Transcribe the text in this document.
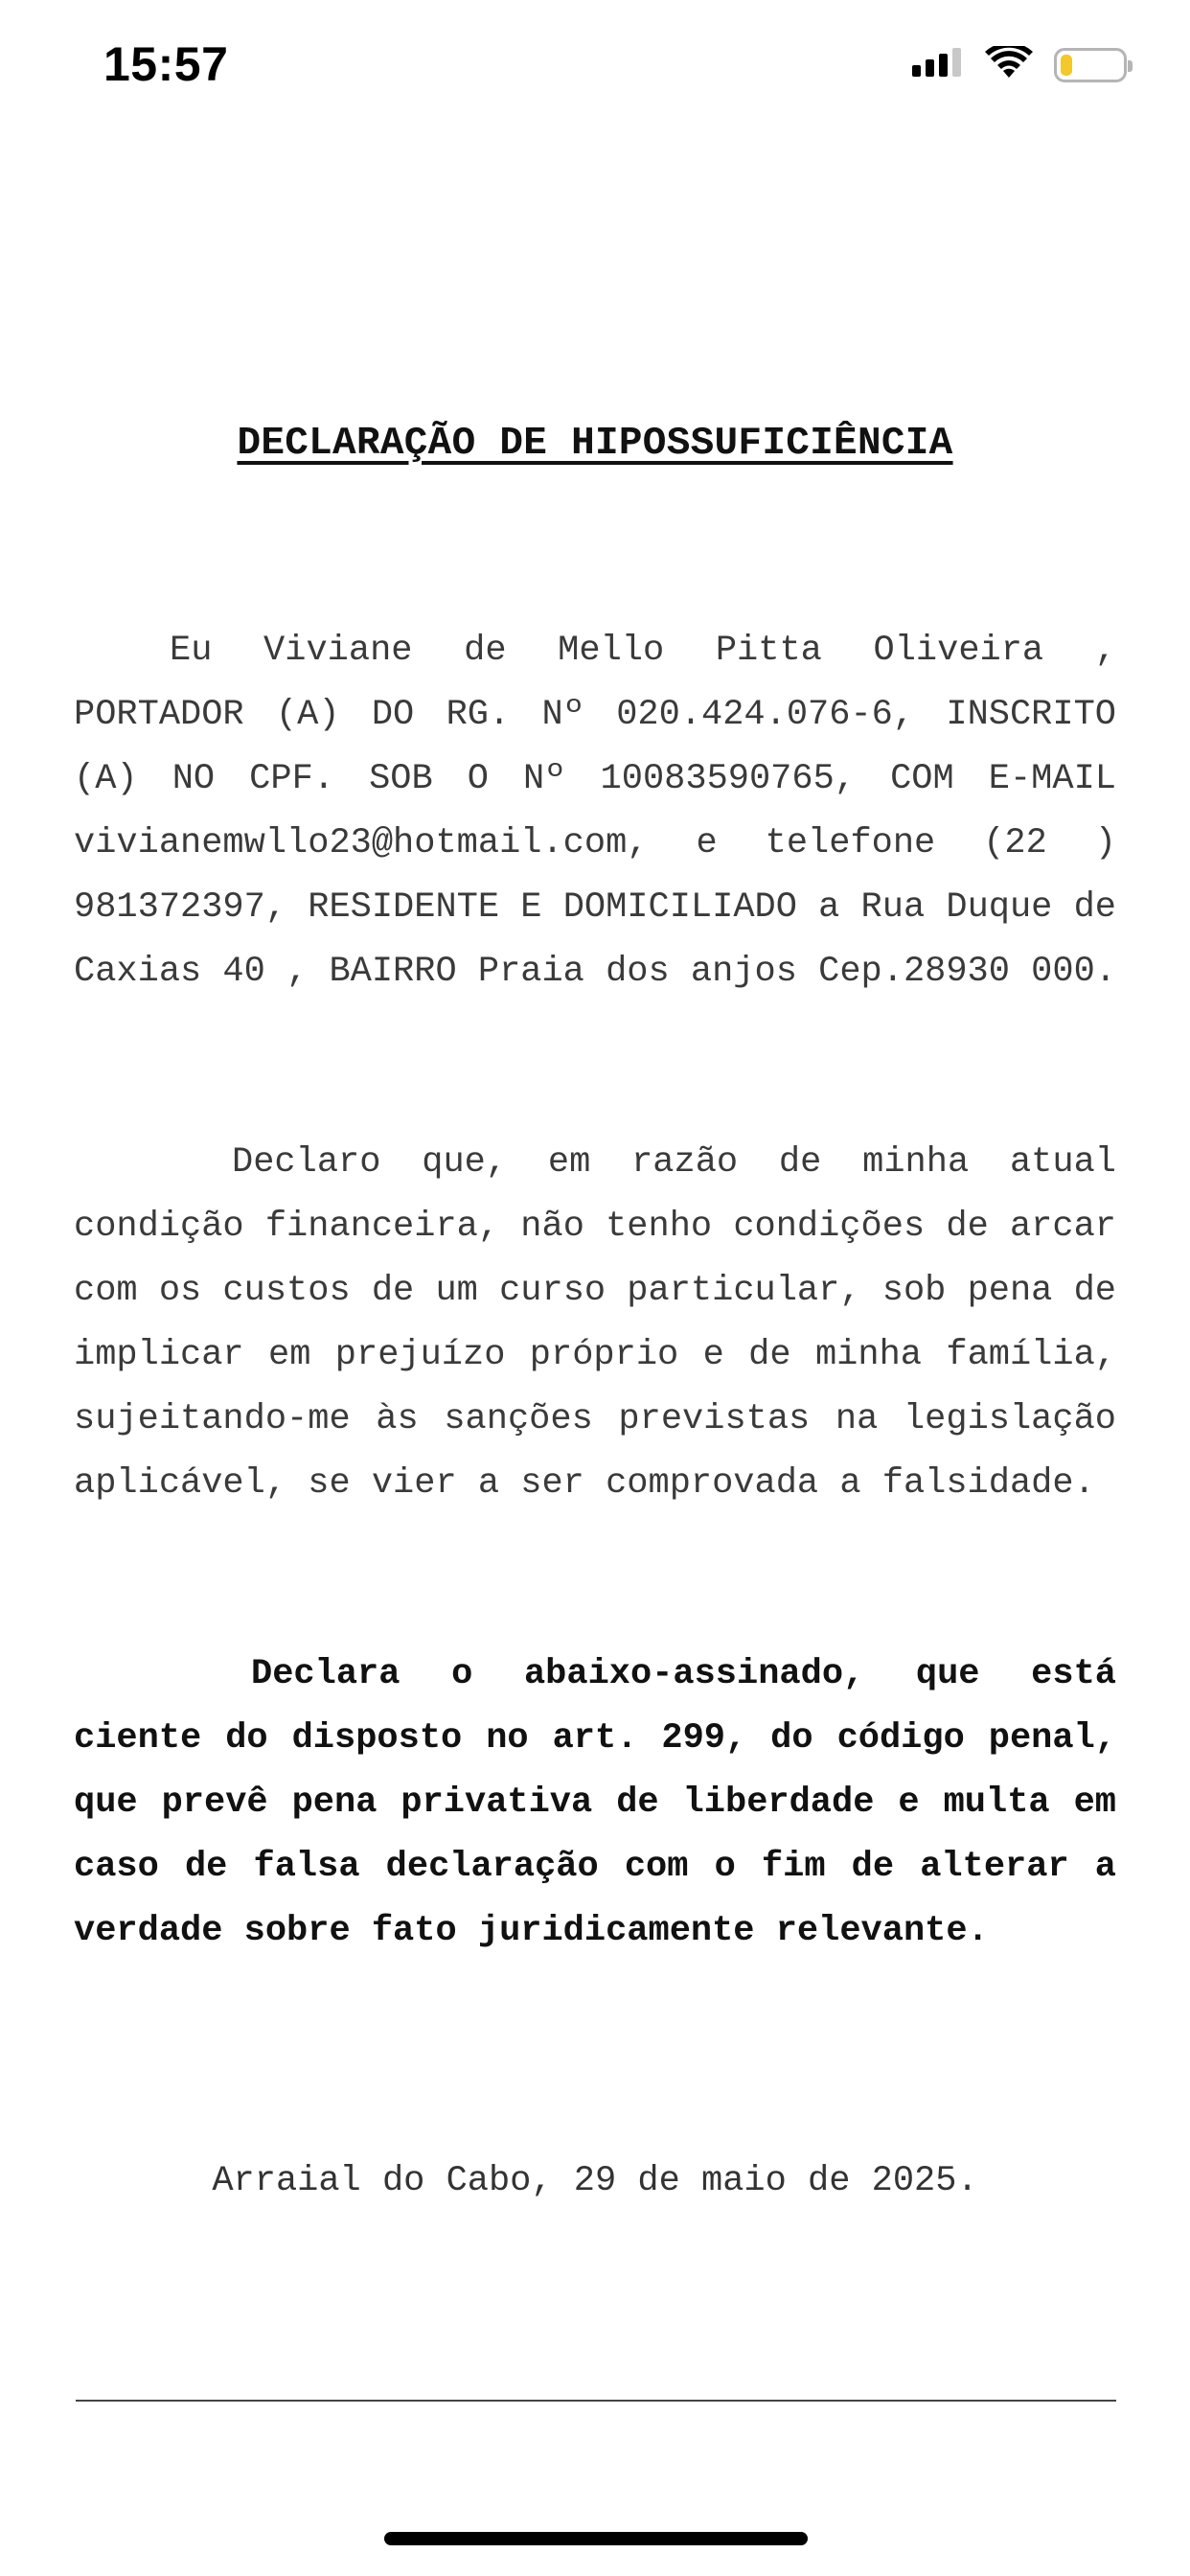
15:57
DECLARAÇÃO DE HIPOSSUFICIÊNCIA

Eu Viviane de Mello Pitta Oliveira , PORTADOR (A) DO RG. Nº 020.424.076-6, INSCRITO (A) NO CPF. SOB O Nº 10083590765, COM E-MAIL vivianemwllo23@hotmail.com, e telefone (22 ) 981372397, RESIDENTE E DOMICILIADO a Rua Duque de Caxias 40 , BAIRRO Praia dos anjos Cep.28930 000.

Declaro que, em razão de minha atual condição financeira, não tenho condições de arcar com os custos de um curso particular, sob pena de implicar em prejuízo próprio e de minha família, sujeitando-me às sanções previstas na legislação aplicável, se vier a ser comprovada a falsidade.

Declara o abaixo-assinado, que está ciente do disposto no art. 299, do código penal, que prevê pena privativa de liberdade e multa em caso de falsa declaração com o fim de alterar a verdade sobre fato juridicamente relevante.

Arraial do Cabo, 29 de maio de 2025.
